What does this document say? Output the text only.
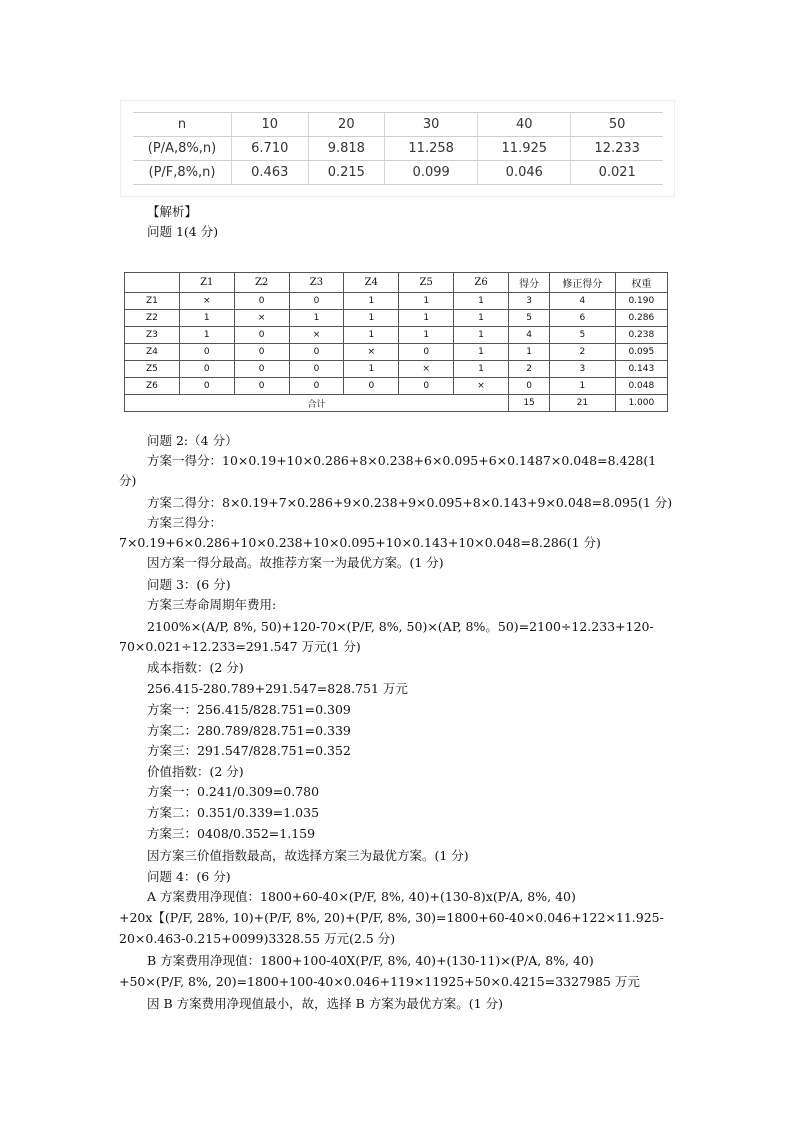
n	10	20	30	40	50
(P/A,8%,n)	6.710	9.818	11.258	11.925	12.233
(P/F,8%,n)	0.463	0.215	0.099	0.046	0.021
【解析】
问题 1(4 分)
	Z1	Z2	Z3	Z4	Z5	Z6	得分	修正得分	权重
Z1	×	0	0	1	1	1	3	4	0.190
Z2	1	×	1	1	1	1	5	6	0.286
Z3	1	0	×	1	1	1	4	5	0.238
Z4	0	0	0	×	0	1	1	2	0.095
Z5	0	0	0	1	×	1	2	3	0.143
Z6	0	0	0	0	0	×	0	1	0.048
合计							15	21	1.000
问题 2:（4 分）
方案一得分：10×0.19+10×0.286+8×0.238+6×0.095+6×0.1487×0.048=8.428(1
分)
方案二得分：8×0.19+7×0.286+9×0.238+9×0.095+8×0.143+9×0.048=8.095(1 分)
方案三得分：
7×0.19+6×0.286+10×0.238+10×0.095+10×0.143+10×0.048=8.286(1 分)
因方案一得分最高。故推荐方案一为最优方案。(1 分)
问题 3：(6 分)
方案三寿命周期年费用:
2100%×(A/P, 8%, 50)+120-70×(P/F, 8%, 50)×(AP, 8%。50)=2100÷12.233+120-
70×0.021÷12.233=291.547 万元(1 分)
成本指数：(2 分)
256.415-280.789+291.547=828.751 万元
方案一：256.415/828.751=0.309
方案二：280.789/828.751=0.339
方案三：291.547/828.751=0.352
价值指数：(2 分)
方案一：0.241/0.309=0.780
方案二：0.351/0.339=1.035
方案三：0408/0.352=1.159
因方案三价值指数最高，故选择方案三为最优方案。(1 分)
问题 4：(6 分)
A 方案费用净现值：1800+60-40×(P/F, 8%, 40)+(130-8)x(P/A, 8%, 40)
+20x【(P/F, 28%, 10)+(P/F, 8%, 20)+(P/F, 8%, 30)=1800+60-40×0.046+122×11.925-
20×0.463-0.215+0099)3328.55 万元(2.5 分)
B 方案费用净现值：1800+100-40X(P/F, 8%, 40)+(130-11)×(P/A, 8%, 40)
+50×(P/F, 8%, 20)=1800+100-40×0.046+119×11925+50×0.4215=3327985 万元
因 B 方案费用净现值最小，故，选择 B 方案为最优方案。(1 分)
